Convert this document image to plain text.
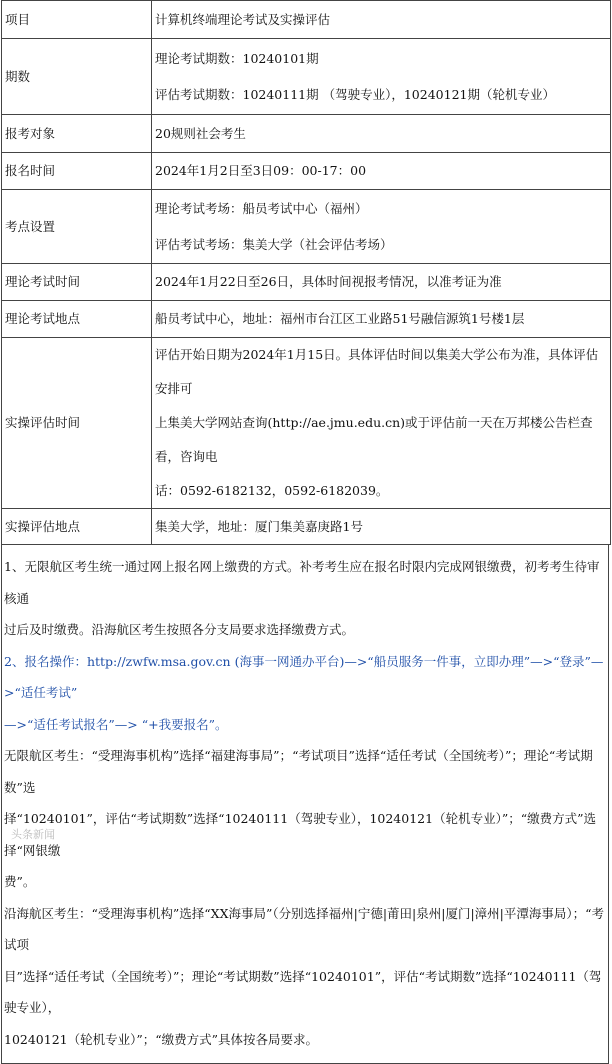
项目	计算机终端理论考试及实操评估
期数	理论考试期数：10240101期
评估考试期数：10240111期 （驾驶专业），10240121期（轮机专业）

报考对象	20规则社会考生
报名时间	2024年1月2日至3日09：00-17：00
考点设置	理论考试考场：船员考试中心（福州）
评估考试考场：集美大学（社会评估考场）

理论考试时间	2024年1月22日至26日，具体时间视报考情况，以准考证为准
理论考试地点	船员考试中心，地址：福州市台江区工业路51号融信源筑1号楼1层
实操评估时间	评估开始日期为2024年1月15日。具体评估时间以集美大学公布为准，具体评估安排可
上集美大学网站查询(http://ae.jmu.edu.cn)或于评估前一天在万邦楼公告栏查看，咨询电
话：0592-6182132，0592-6182039。

实操评估地点	集美大学，地址：厦门集美嘉庚路1号

1、无限航区考生统一通过网上报名网上缴费的方式。补考考生应在报名时限内完成网银缴费，初考考生待审核通

过后及时缴费。沿海航区考生按照各分支局要求选择缴费方式。

2、报名操作：http://zwfw.msa.gov.cn (海事一网通办平台)—>“船员服务一件事，立即办理”—>“登录”—>“适任考试”

—>“适任考试报名”—> “+我要报名”。

无限航区考生：“受理海事机构”选择“福建海事局”；“考试项目”选择“适任考试（全国统考）”；理论“考试期数”选

择“10240101”，评估“考试期数”选择“10240111（驾驶专业），10240121（轮机专业）”；“缴费方式”选择“网银缴

费”。

沿海航区考生：“受理海事机构”选择“XX海事局”（分别选择福州|宁德|莆田|泉州|厦门|漳州|平潭海事局）；“考试项

目”选择“适任考试（全国统考）”；理论“考试期数”选择“10240101”，评估“考试期数”选择“10240111（驾驶专业），

10240121（轮机专业）”；“缴费方式”具体按各局要求。

头条新闻
